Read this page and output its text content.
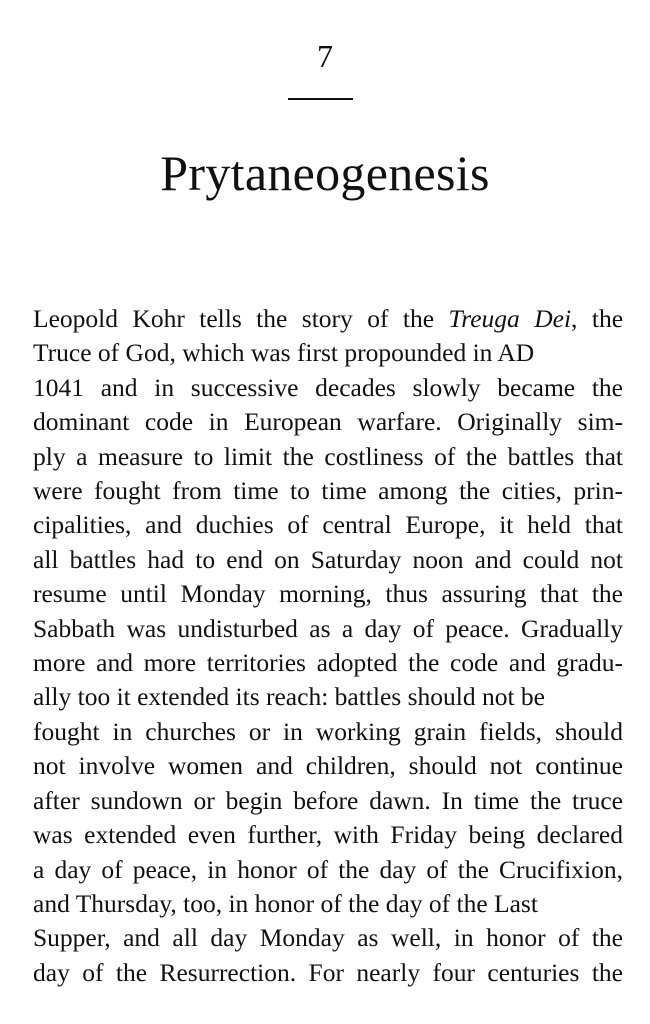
7
Prytaneogenesis
Leopold Kohr tells the story of the Treuga Dei, the
Truce of God, which was first propounded in AD
1041 and in successive decades slowly became the
dominant code in European warfare. Originally sim-
ply a measure to limit the costliness of the battles that
were fought from time to time among the cities, prin-
cipalities, and duchies of central Europe, it held that
all battles had to end on Saturday noon and could not
resume until Monday morning, thus assuring that the
Sabbath was undisturbed as a day of peace. Gradually
more and more territories adopted the code and gradu-
ally too it extended its reach: battles should not be
fought in churches or in working grain fields, should
not involve women and children, should not continue
after sundown or begin before dawn. In time the truce
was extended even further, with Friday being declared
a day of peace, in honor of the day of the Crucifixion,
and Thursday, too, in honor of the day of the Last
Supper, and all day Monday as well, in honor of the
day of the Resurrection. For nearly four centuries the
